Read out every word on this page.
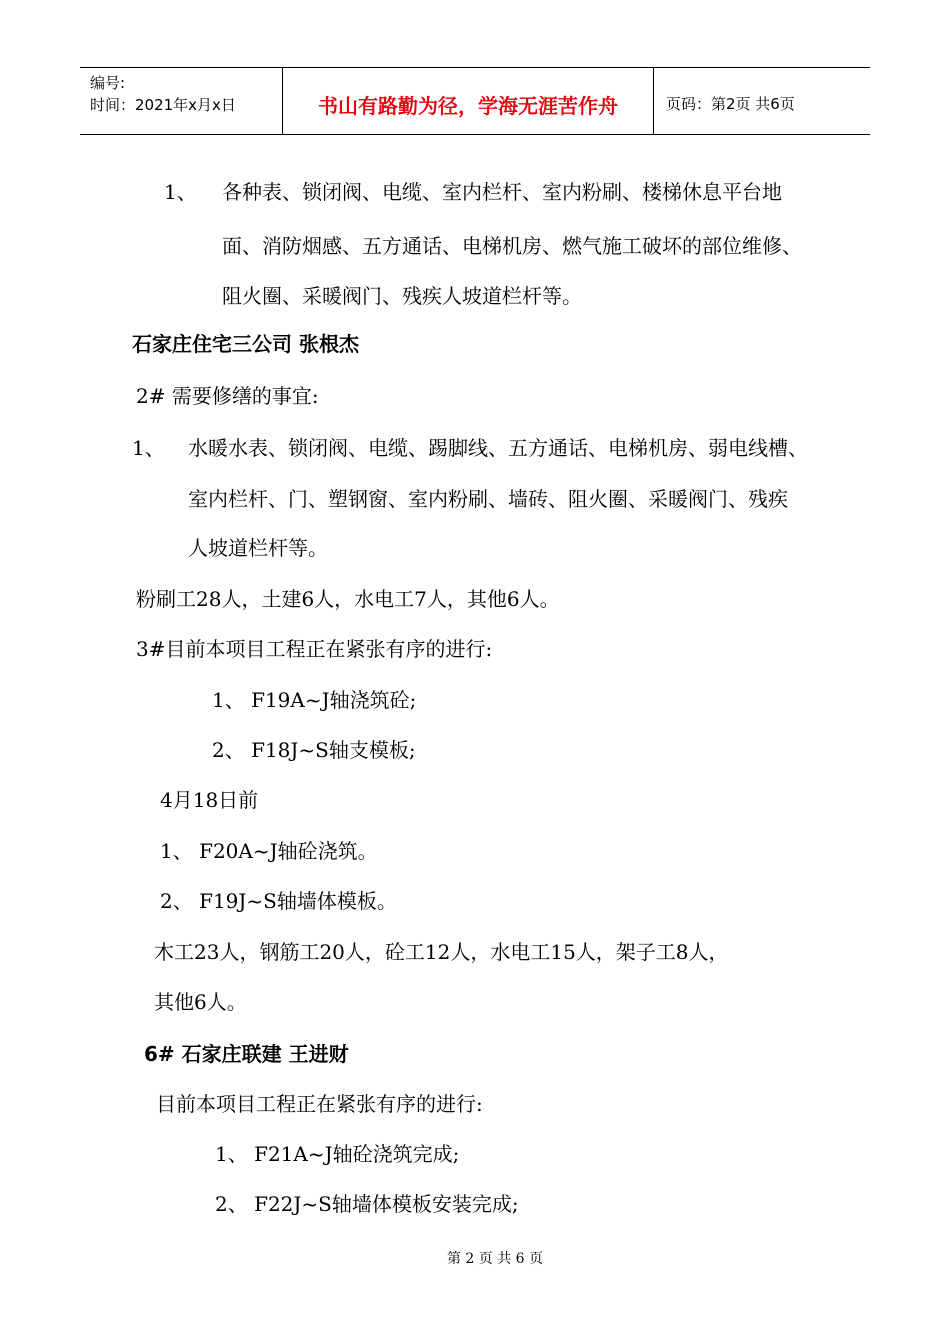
编号:
时间：2021年x月x日	书山有路勤为径，学海无涯苦作舟	页码：第2页 共6页
1、 各种表、锁闭阀、电缆、室内栏杆、室内粉刷、楼梯休息平台地
面、消防烟感、五方通话、电梯机房、燃气施工破坏的部位维修、
阻火圈、采暖阀门、残疾人坡道栏杆等。
石家庄住宅三公司 张根杰
2# 需要修缮的事宜:
1、 水暖水表、锁闭阀、电缆、踢脚线、五方通话、电梯机房、弱电线槽、
室内栏杆、门、塑钢窗、室内粉刷、墙砖、阻火圈、采暖阀门、残疾
人坡道栏杆等。
粉刷工28人，土建6人，水电工7人，其他6人。
3#目前本项目工程正在紧张有序的进行:
1、 F19A~J轴浇筑砼;
2、 F18J~S轴支模板;
4月18日前
1、 F20A~J轴砼浇筑。
2、 F19J~S轴墙体模板。
木工23人，钢筋工20人，砼工12人，水电工15人，架子工8人，
其他6人。
6# 石家庄联建 王进财
目前本项目工程正在紧张有序的进行:
1、 F21A~J轴砼浇筑完成;
2、 F22J~S轴墙体模板安装完成;
第 2 页 共 6 页
